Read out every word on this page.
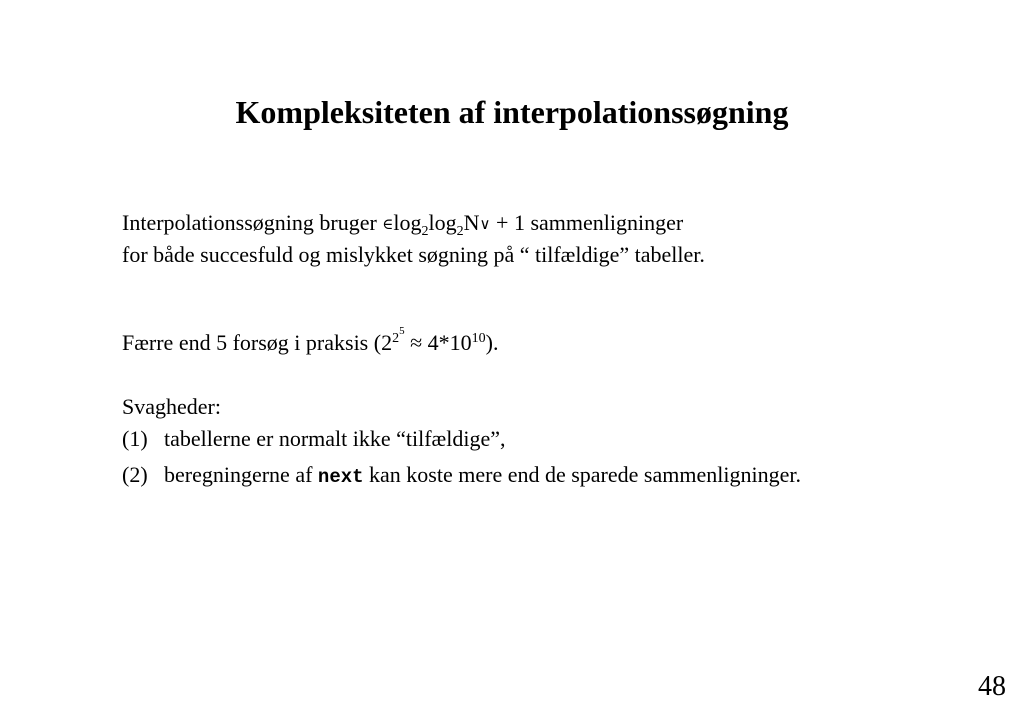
Kompleksiteten af interpolationssøgning
Interpolationssøgning bruger $\in\log_2\log_2N\vee + 1$ sammenligninger
for både succesfuld og mislykket søgning på “ tilfældige” tabeller.
Færre end 5 forsøg i praksis $(2^{25} \approx 4*10^{10})$.
Svagheder:
(1) tabellerne er normalt ikke “tilfældige”,
(2) beregningerne af next kan koste mere end de sparede sammenligninger.
48
